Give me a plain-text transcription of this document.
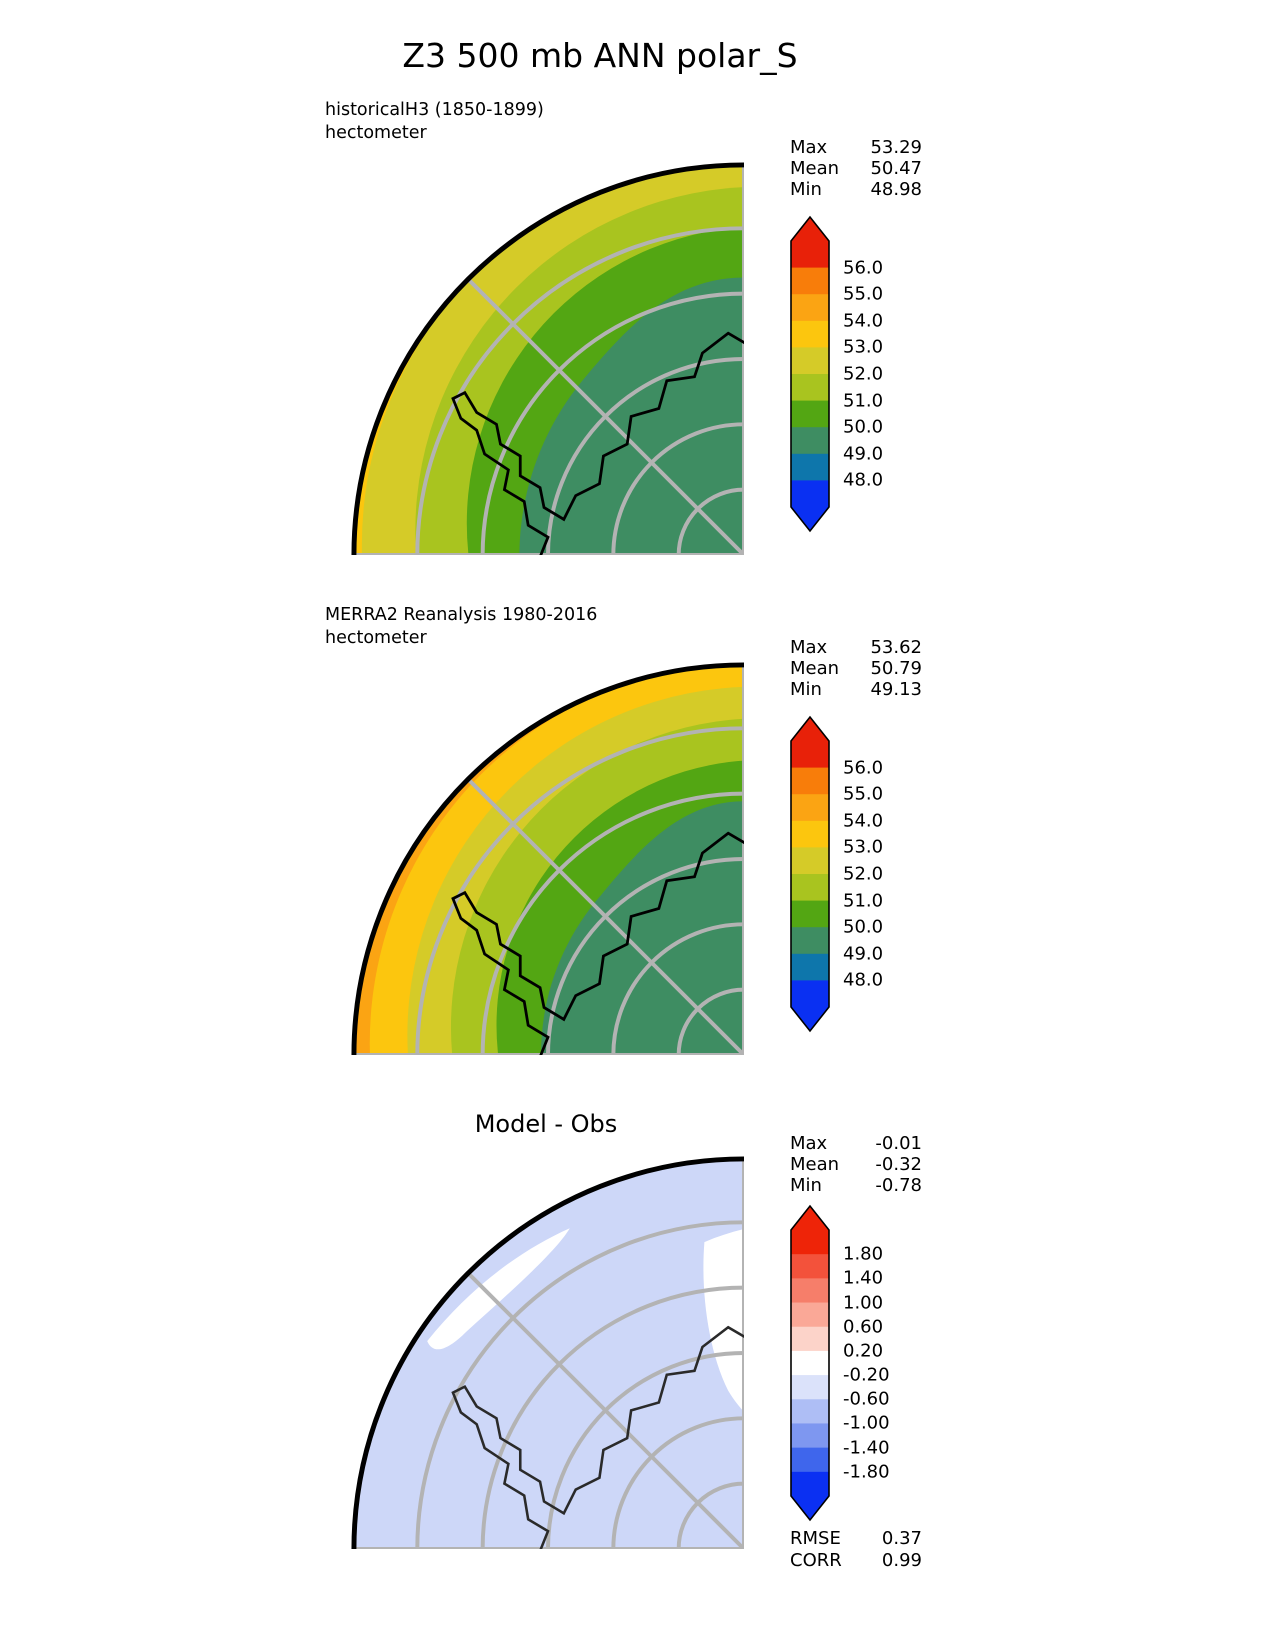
Z3 500 mb ANN polar_S
historicalH3 (1850-1899)
hectometer
Max 53.29
Mean 50.47
Min	48.98
56.0
55.0
54.0
53.0
52.0
51.0
50.0
49.0
48.0
MERRA2 Reanalysis 1980-2016
hectometer	Max 53.62
Mean 50.79
Min	49.13
56.0
55.0
54.0
53.0
52.0
51.0
50.0
49.0
48.0
Model - Obs
Max	-0.01
Mean -0.32
Min	-0.78
1.80
1.40
1.00
0.60
0.20
-0.20
-0.60
-1.00
-1.40
-1.80
RMSE 0.37
CORR 0.99
